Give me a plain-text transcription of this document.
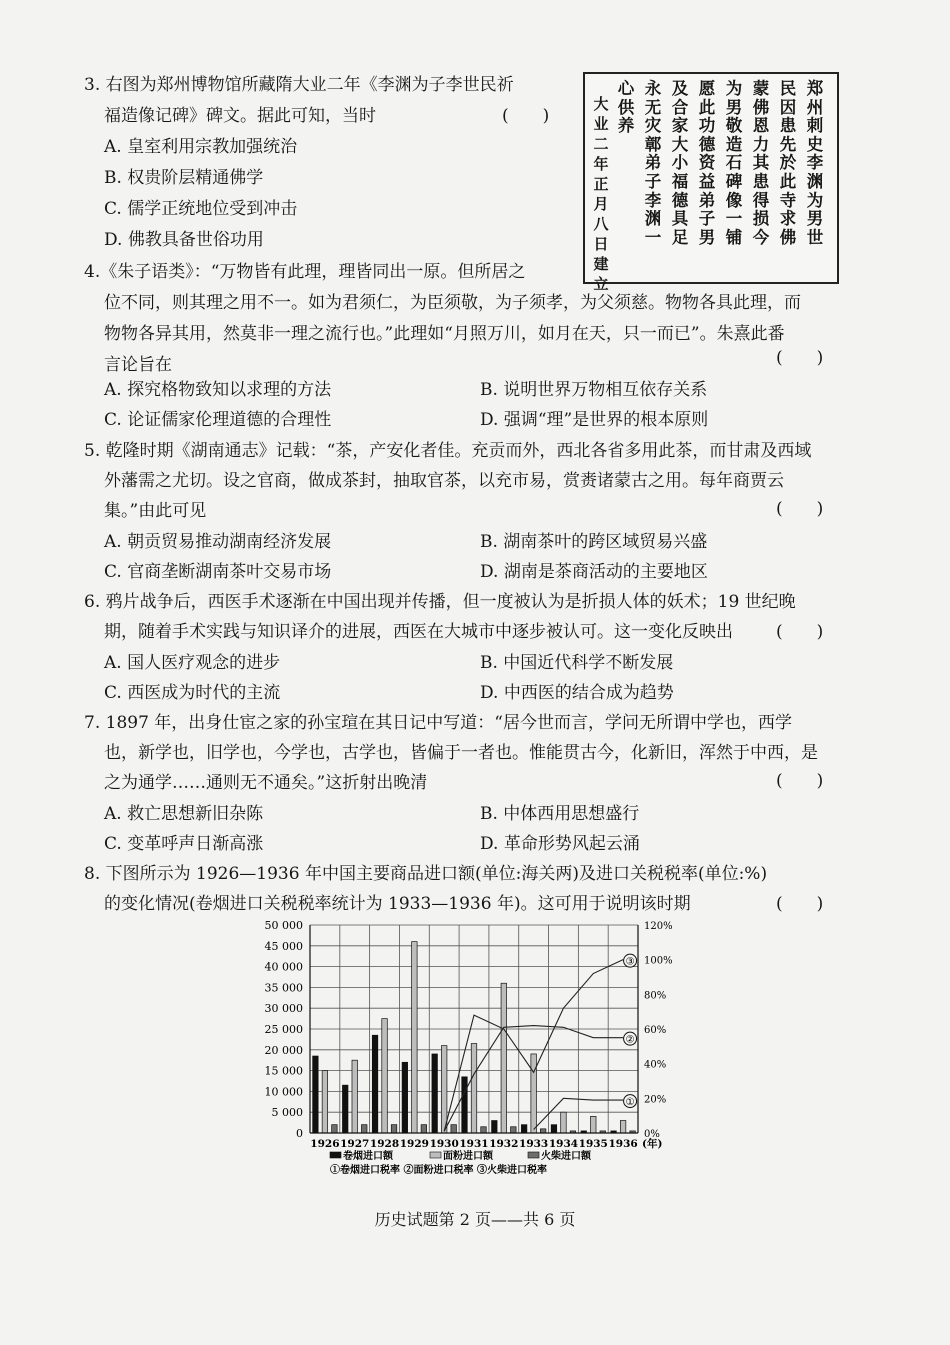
3. 右图为郑州博物馆所藏隋大业二年《李渊为子李世民祈
福造像记碑》碑文。据此可知，当时	(　　)
A. 皇室利用宗教加强统治
B. 权贵阶层精通佛学
C. 儒学正统地位受到冲击
D. 佛教具备世俗功用
郑州刺史李渊为男世
民因患先於此寺求佛
蒙佛恩力其患得损今
为男敬造石碑像一铺
愿此功德资益弟子男
及合家大小福德具足
永无灾鄣弟子李渊一
心供养
大业二年正月八日建立
4.《朱子语类》：“万物皆有此理，理皆同出一原。但所居之
位不同，则其理之用不一。如为君须仁，为臣须敬，为子须孝，为父须慈。物物各具此理，而
物物各异其用，然莫非一理之流行也。”此理如“月照万川，如月在天，只一而已”。朱熹此番
言论旨在	(　　)
A. 探究格物致知以求理的方法	B. 说明世界万物相互依存关系
C. 论证儒家伦理道德的合理性	D. 强调“理”是世界的根本原则
5. 乾隆时期《湖南通志》记载：“茶，产安化者佳。充贡而外，西北各省多用此茶，而甘肃及西域
外藩需之尤切。设之官商，做成茶封，抽取官茶，以充市易，赏赉诸蒙古之用。每年商贾云
集。”由此可见	(　　)
A. 朝贡贸易推动湖南经济发展	B. 湖南茶叶的跨区域贸易兴盛
C. 官商垄断湖南茶叶交易市场	D. 湖南是茶商活动的主要地区
6. 鸦片战争后，西医手术逐渐在中国出现并传播，但一度被认为是折损人体的妖术；19 世纪晚
期，随着手术实践与知识译介的进展，西医在大城市中逐步被认可。这一变化反映出	(　　)
A. 国人医疗观念的进步	B. 中国近代科学不断发展
C. 西医成为时代的主流	D. 中西医的结合成为趋势
7. 1897 年，出身仕宦之家的孙宝瑄在其日记中写道：“居今世而言，学问无所谓中学也，西学
也，新学也，旧学也，今学也，古学也，皆偏于一者也。惟能贯古今，化新旧，浑然于中西，是
之为通学……通则无不通矣。”这折射出晚清	(　　)
A. 救亡思想新旧杂陈	B. 中体西用思想盛行
C. 变革呼声日渐高涨	D. 革命形势风起云涌
8. 下图所示为 1926—1936 年中国主要商品进口额(单位:海关两)及进口关税税率(单位:%)
的变化情况(卷烟进口关税税率统计为 1933—1936 年)。这可用于说明该时期	(　　)
①
②
③
0
5 000
10 000
15 000
20 000
25 000
30 000
35 000
40 000
45 000
50 000
0%
20%
40%
60%
80%
100%
120%
1926 1927 1928 1929 1930 1931 1932 1933 1934 1935 1936 (年)
卷烟进口额	面粉进口额	火柴进口额
①卷烟进口税率 ②面粉进口税率 ③火柴进口税率
历史试题第 2 页——共 6 页
